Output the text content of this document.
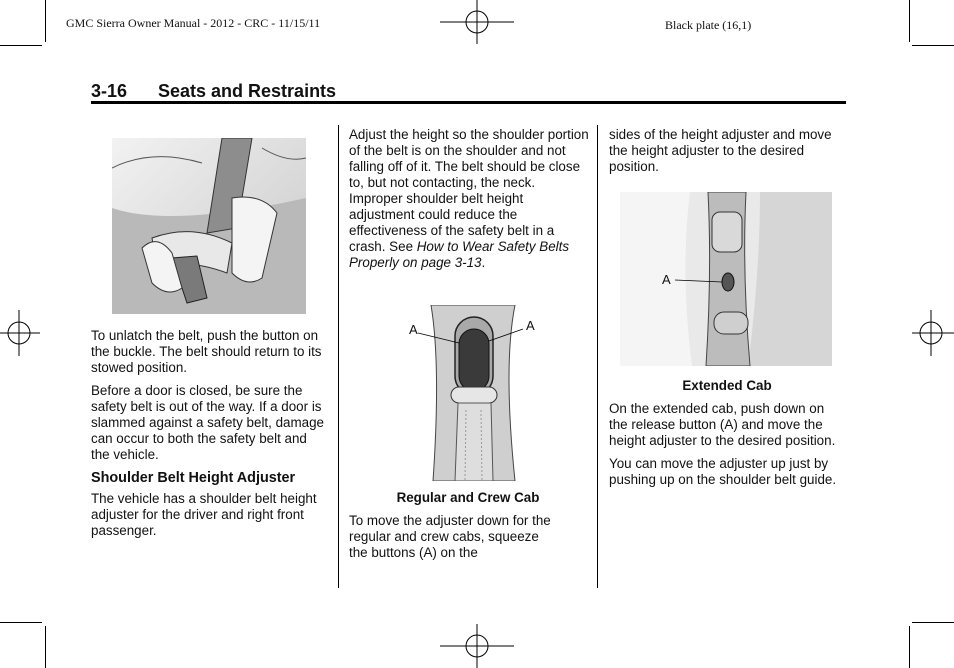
GMC Sierra Owner Manual - 2012 - CRC - 11/15/11	Black plate (16,1)
3-16 Seats and Restraints

To unlatch the belt, push the button on the buckle. The belt should return to its stowed position.

Before a door is closed, be sure the safety belt is out of the way. If a door is slammed against a safety belt, damage can occur to both the safety belt and the vehicle.

Shoulder Belt Height Adjuster

The vehicle has a shoulder belt height adjuster for the driver and right front passenger.

Adjust the height so the shoulder portion of the belt is on the shoulder and not falling off of it. The belt should be close to, but not contacting, the neck. Improper shoulder belt height adjustment could reduce the effectiveness of the safety belt in a crash. See How to Wear Safety Belts Properly on page 3-13.

A	A
Regular and Crew Cab

To move the adjuster down for the regular and crew cabs, squeeze the buttons (A) on the

sides of the height adjuster and move the height adjuster to the desired position.

A
Extended Cab

On the extended cab, push down on the release button (A) and move the height adjuster to the desired position.

You can move the adjuster up just by pushing up on the shoulder belt guide.
